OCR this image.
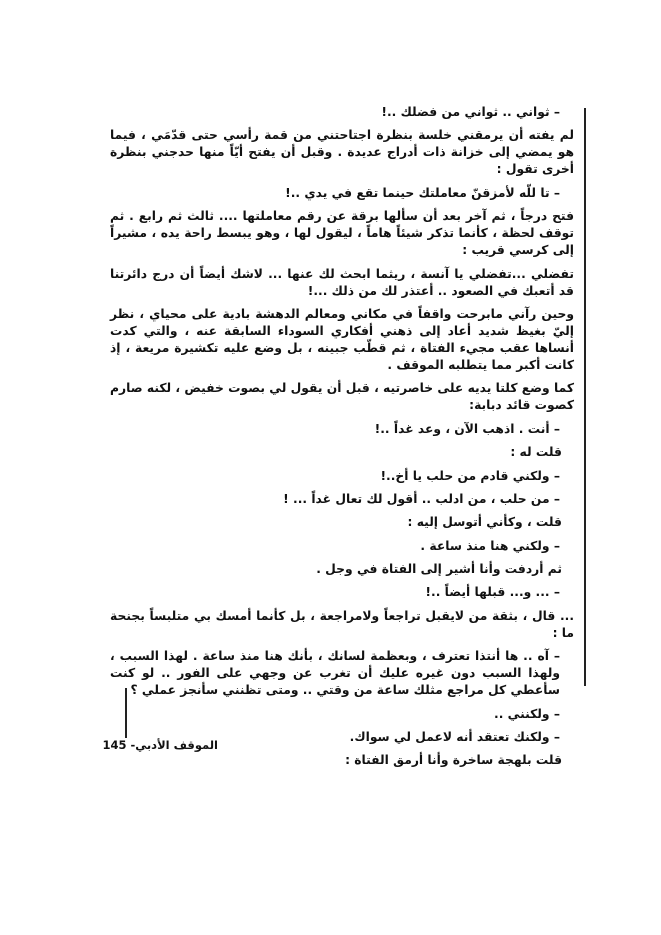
– ثواني .. ثواني من فضلك ..!

لم يفته أن يرمقني خلسة بنظرة اجتاحتني من قمة رأسي حتى قدّمَي ، فيما هو يمضي إلى خزانة ذات أدراج عديدة . وقبل أن يفتح أيّاً منها حدجني بنظرة أخرى تقول :

– تا للّه لأمزقنّ معاملتك حينما تقع في يدي ..!

فتح درجاً ، ثم آخر بعد أن سألها برقة عن رقم معاملتها .... ثالث ثم رابع . ثم توقف لحظة ، كأنما تذكر شيئاً هاماً ، ليقول لها ، وهو يبسط راحة يده ، مشيراً إلى كرسي قريب :

تفضلي ...تفضلي يا آنسة ، ريثما ابحث لك عنها ... لاشك أيضاً أن درج دائرتنا قد أتعبك في الصعود .. أعتذر لك من ذلك ...!

وحين رآني مابرحت واقفاً في مكاني ومعالم الدهشة بادية على محياي ، نظر إليّ بغيظ شديد أعاد إلى ذهني أفكاري السوداء السابقة عنه ، والتي كدت أنساها عقب مجيء الفتاة ، ثم قطّب جبينه ، بل وضع عليه تكشيرة مريعة ، إذ كانت أكبر مما يتطلبه الموقف .

كما وضع كلتا يديه على خاصرتيه ، قبل أن يقول لي بصوت خفيض ، لكنه صارم كصوت قائد دبابة:

– أنت . اذهب الآن ، وعد غداً ..!

قلت له :

– ولكني قادم من حلب يا أخ..!

– من حلب ، من ادلب .. أقول لك تعال غداً ... !

قلت ، وكأني أتوسل إليه :

– ولكني هنا منذ ساعة .

ثم أردفت وأنا أشير إلى الفتاة في وجل .

– ... و... قبلها أيضاً ..!

... قال ، بثقة من لايقبل تراجعاً ولامراجعة ، بل كأنما أمسك بي متلبساً بجنحة ما :

– آه .. ها أنتذا تعترف ، وبعظمة لسانك ، بأنك هنا منذ ساعة . لهذا السبب ، ولهذا السبب دون غيره عليك أن تغرب عن وجهي على الفور .. لو كنت سأعطي كل مراجع مثلك ساعة من وقتي .. ومتى تظنني سأنجز عملي ؟

– ولكنني ..

– ولكنك تعتقد أنه لاعمل لي سواك.

قلت بلهجة ساخرة وأنا أرمق الفتاة :

الموقف الأدبي- 145
